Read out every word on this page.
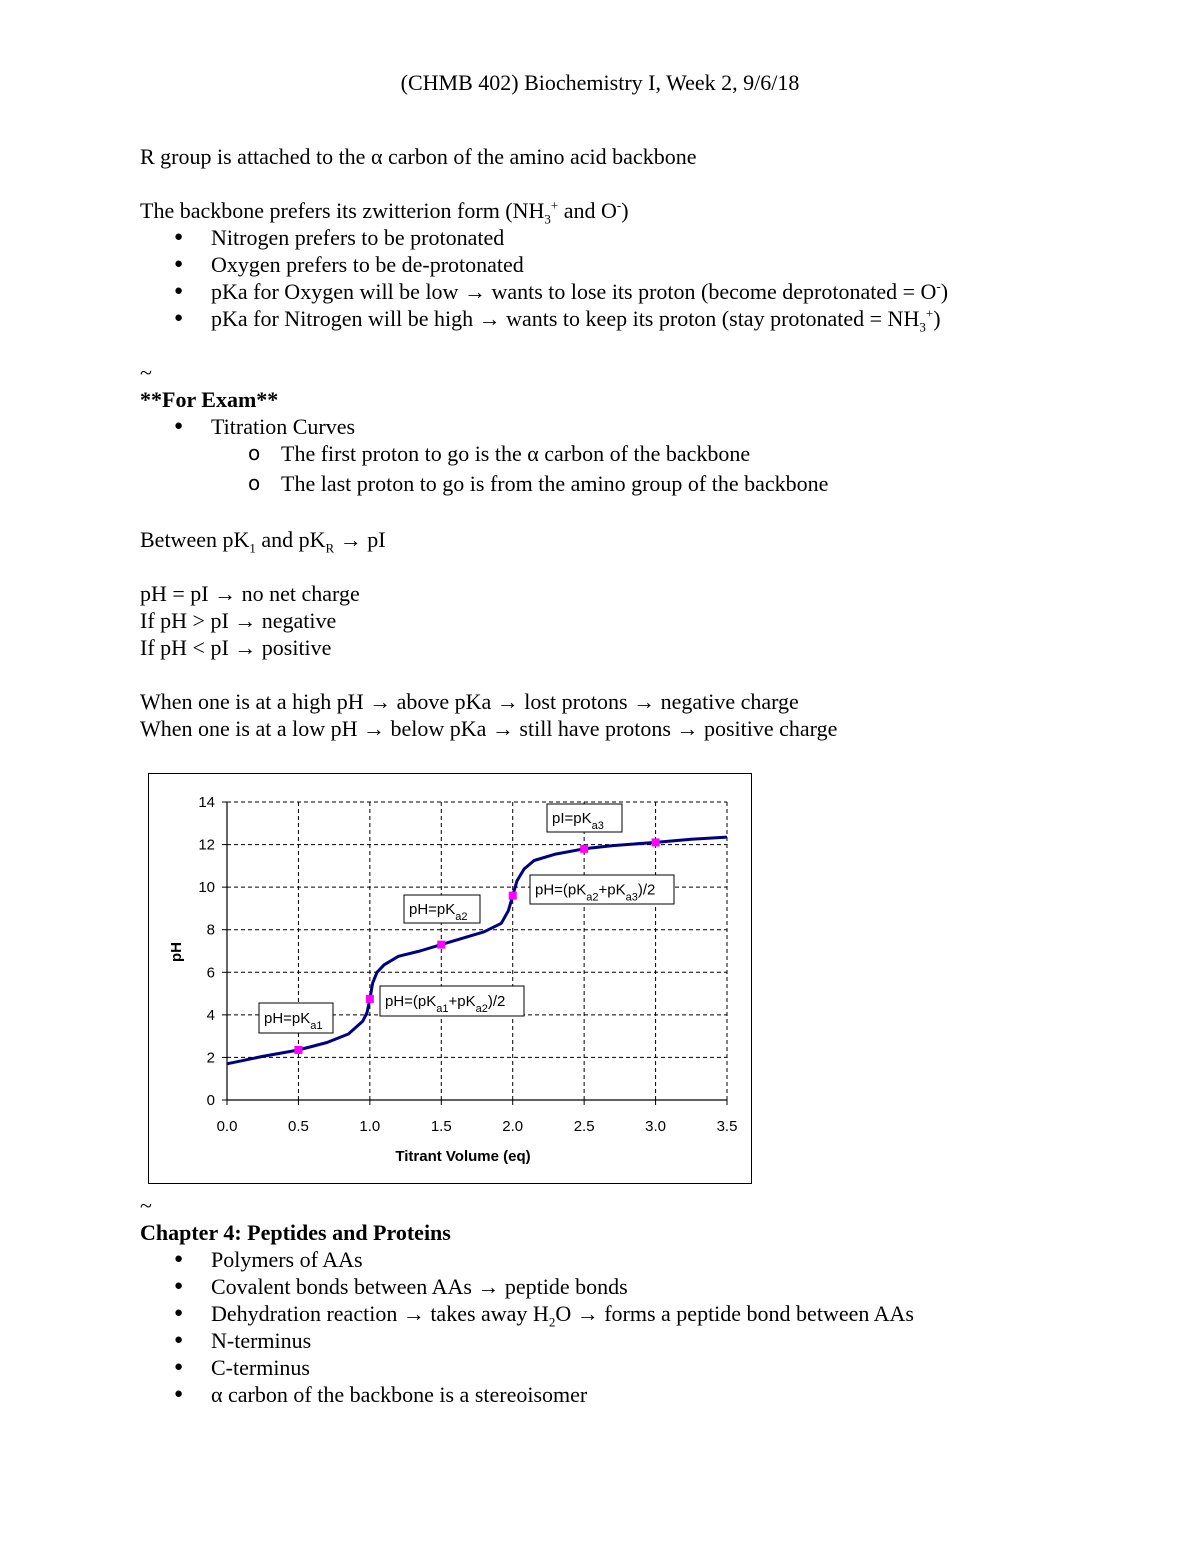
(CHMB 402) Biochemistry I, Week 2, 9/6/18

R group is attached to the α carbon of the amino acid backbone

The backbone prefers its zwitterion form ($NH_3^+$ and O-)

● Nitrogen prefers to be protonated
● Oxygen prefers to be de-protonated
● pKa for Oxygen will be low → wants to lose its proton (become deprotonated = O-)
● pKa for Nitrogen will be high → wants to keep its proton (stay protonated = $NH_3^+$)

~

**For Exam**

● Titration Curves
o The first proton to go is the α carbon of the backbone
o The last proton to go is from the amino group of the backbone

Between $pK_1$ and $pK_R$ → pI

pH = pI → no net charge

If pH > pI → negative

If pH < pI → positive

When one is at a high pH → above pKa → lost protons → negative charge

When one is at a low pH → below pKa → still have protons → positive charge

0
2
4
6
8
10
12
14
0.0	0.5	1.0	1.5	2.0	2.5	3.0	3.5
$pH=pK_{a1}$
$pH=(pK_{a1}+pK_{a2})/2$
$pH=pK_{a2}$
$pH=(pK_{a2}+pK_{a3})/2$
$pI=pK_{a3}$
pH
Titrant Volume (eq)

~

Chapter 4: Peptides and Proteins

● Polymers of AAs
● Covalent bonds between AAs → peptide bonds
● Dehydration reaction → takes away $H_2O$ → forms a peptide bond between AAs
● N-terminus
● C-terminus
● α carbon of the backbone is a stereoisomer
